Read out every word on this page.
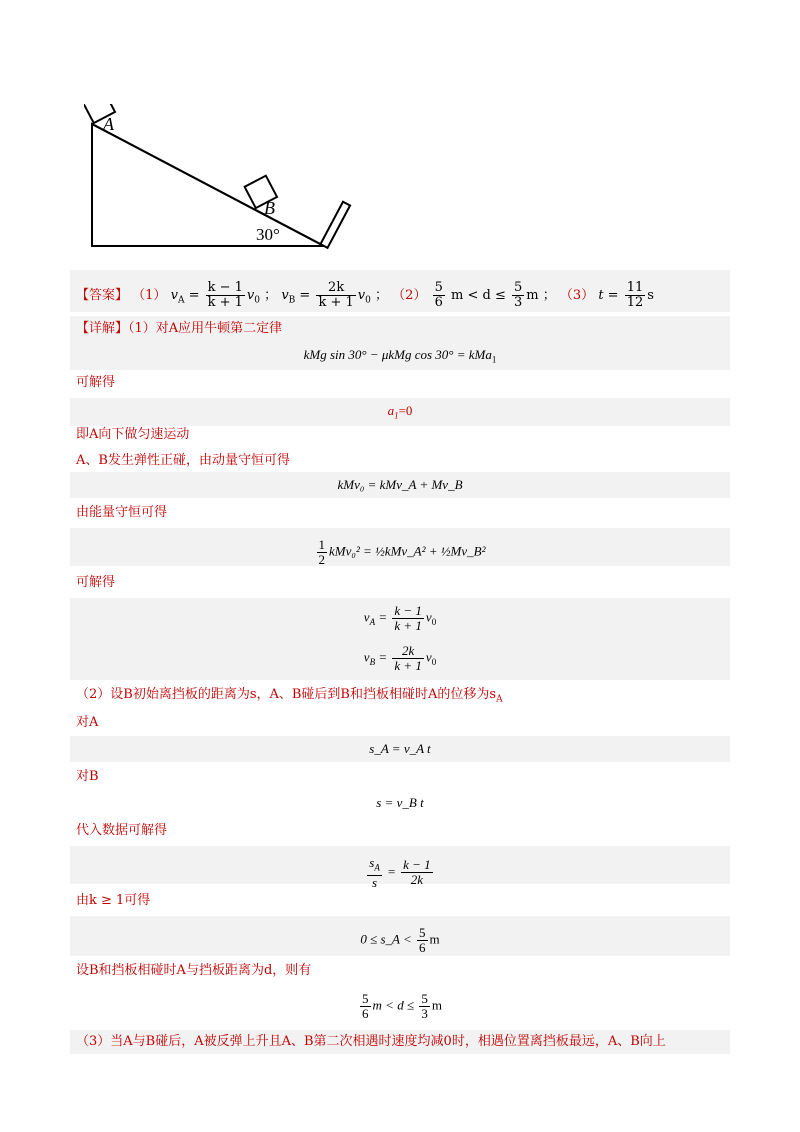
A
B
30°
【答案】 （1） $v_A = \frac{k - 1}{k + 1} v_0$ ； $v_B = \frac{2k}{k + 1} v_0$ ； $(2) \frac{5}{6}$ $m < d \le \frac{5}{3}$ m ； （3） $t = \frac{11}{12}$ s
【详解】（1）对A应用牛顿第二定律
kMg sin 30° − μkMg cos 30° = kMa$_1$
可解得
$a_1=0$
即A向下做匀速运动
A、B发生弹性正碰，由动量守恒可得
kMv₀ = kMv_A + Mv_B
由能量守恒可得
$\frac{1}{2} kMv_0^2$ = ½kMv_A² + ½Mv_B²
可解得
$v_A = \frac{k - 1}{k + 1} v_0$
$v_B = \frac{2k}{k + 1} v_0$
（2）设B初始离挡板的距离为s，A、B碰后到B和挡板相碰时A的位移为$s_A$
对A
s_A = v_A t
对B
s = v_B t
代入数据可解得
$\frac{s_A}{s} = \frac{k - 1}{2k}$
由k ≥ 1可得
0 ≤ s_A < $\frac{5}{6}$ m
设B和挡板相碰时A与挡板距离为d，则有
$\frac{5}{6}$ $m < d \le \frac{5}{3}$ m
（3）当A与B碰后，A被反弹上升且A、B第二次相遇时速度均减0时，相遇位置离挡板最远，A、B向上
